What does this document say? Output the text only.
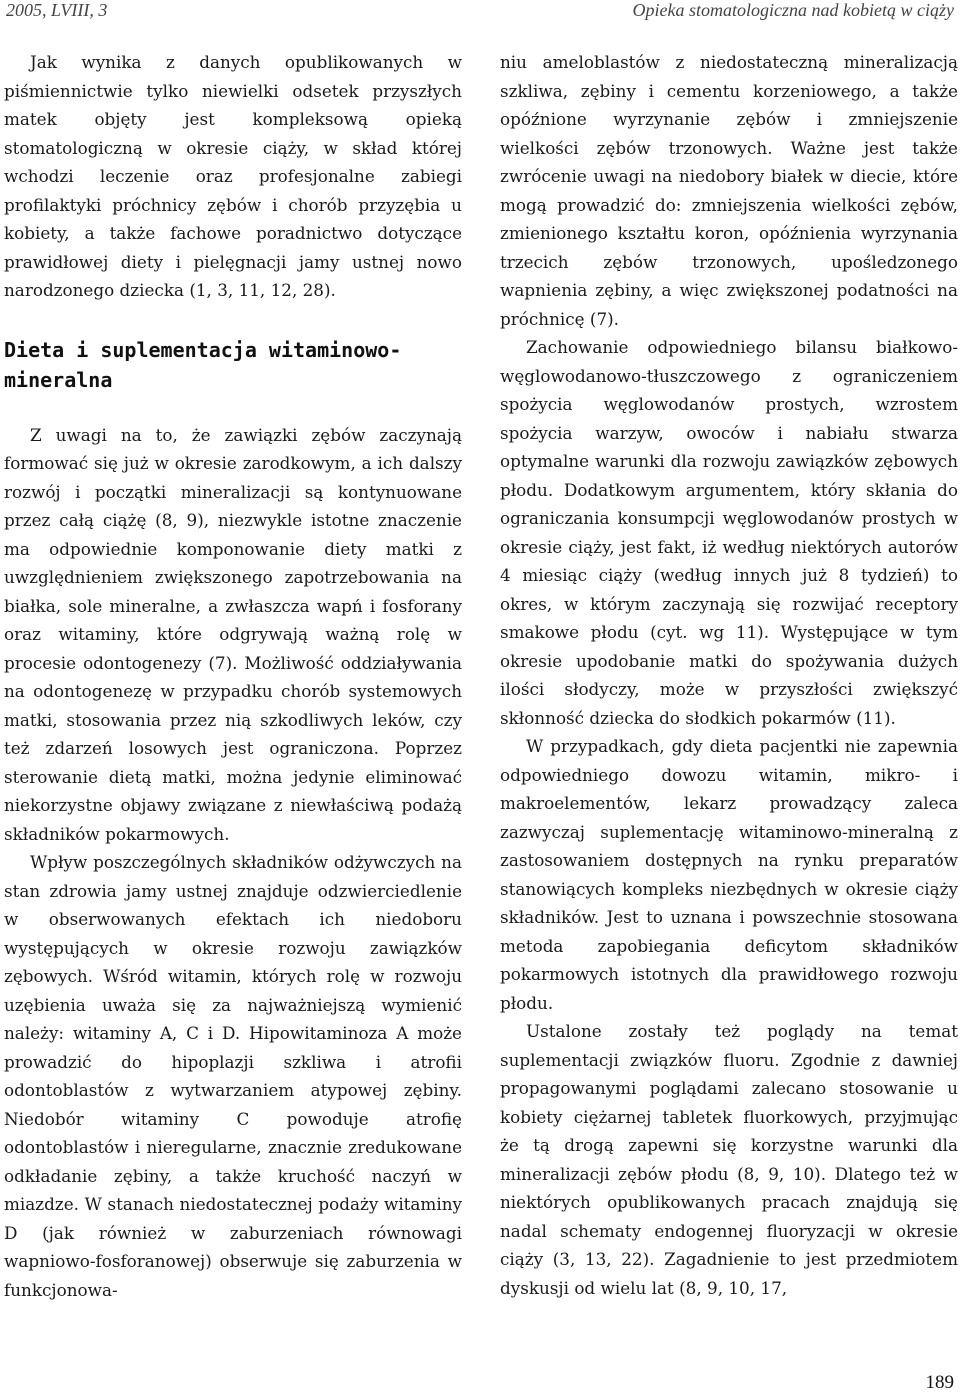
2005, LVIII, 3	Opieka stomatologiczna nad kobietą w ciąży

Jak wynika z danych opublikowanych w piśmiennictwie tylko niewielki odsetek przyszłych matek objęty jest kompleksową opieką stomatologiczną w okresie ciąży, w skład której wchodzi leczenie oraz profesjonalne zabiegi profilaktyki próchnicy zębów i chorób przyzębia u kobiety, a także fachowe poradnictwo dotyczące prawidłowej diety i pielęgnacji jamy ustnej nowo narodzonego dziecka (1, 3, 11, 12, 28).

Dieta i suplementacja witaminowo-mineralna

Z uwagi na to, że zawiązki zębów zaczynają formować się już w okresie zarodkowym, a ich dalszy rozwój i początki mineralizacji są kontynuowane przez całą ciążę (8, 9), niezwykle istotne znaczenie ma odpowiednie komponowanie diety matki z uwzględnieniem zwiększonego zapotrzebowania na białka, sole mineralne, a zwłaszcza wapń i fosforany oraz witaminy, które odgrywają ważną rolę w procesie odontogenezy (7). Możliwość oddziaływania na odontogenezę w przypadku chorób systemowych matki, stosowania przez nią szkodliwych leków, czy też zdarzeń losowych jest ograniczona. Poprzez sterowanie dietą matki, można jedynie eliminować niekorzystne objawy związane z niewłaściwą podażą składników pokarmowych.

Wpływ poszczególnych składników odżywczych na stan zdrowia jamy ustnej znajduje odzwierciedlenie w obserwowanych efektach ich niedoboru występujących w okresie rozwoju zawiązków zębowych. Wśród witamin, których rolę w rozwoju uzębienia uważa się za najważniejszą wymienić należy: witaminy A, C i D. Hipowitaminoza A może prowadzić do hipoplazji szkliwa i atrofii odontoblastów z wytwarzaniem atypowej zębiny. Niedobór witaminy C powoduje atrofię odontoblastów i nieregularne, znacznie zredukowane odkładanie zębiny, a także kruchość naczyń w miazdze. W stanach niedostatecznej podaży witaminy D (jak również w zaburzeniach równowagi wapniowo-fosforanowej) obserwuje się zaburzenia w funkcjonowa-

niu ameloblastów z niedostateczną mineralizacją szkliwa, zębiny i cementu korzeniowego, a także opóźnione wyrzynanie zębów i zmniejszenie wielkości zębów trzonowych. Ważne jest także zwrócenie uwagi na niedobory białek w diecie, które mogą prowadzić do: zmniejszenia wielkości zębów, zmienionego kształtu koron, opóźnienia wyrzynania trzecich zębów trzonowych, upośledzonego wapnienia zębiny, a więc zwiększonej podatności na próchnicę (7).

Zachowanie odpowiedniego bilansu białkowo-węglowodanowo-tłuszczowego z ograniczeniem spożycia węglowodanów prostych, wzrostem spożycia warzyw, owoców i nabiału stwarza optymalne warunki dla rozwoju zawiązków zębowych płodu. Dodatkowym argumentem, który skłania do ograniczania konsumpcji węglowodanów prostych w okresie ciąży, jest fakt, iż według niektórych autorów 4 miesiąc ciąży (według innych już 8 tydzień) to okres, w którym zaczynają się rozwijać receptory smakowe płodu (cyt. wg 11). Występujące w tym okresie upodobanie matki do spożywania dużych ilości słodyczy, może w przyszłości zwiększyć skłonność dziecka do słodkich pokarmów (11).

W przypadkach, gdy dieta pacjentki nie zapewnia odpowiedniego dowozu witamin, mikro- i makroelementów, lekarz prowadzący zaleca zazwyczaj suplementację witaminowo-mineralną z zastosowaniem dostępnych na rynku preparatów stanowiących kompleks niezbędnych w okresie ciąży składników. Jest to uznana i powszechnie stosowana metoda zapobiegania deficytom składników pokarmowych istotnych dla prawidłowego rozwoju płodu.

Ustalone zostały też poglądy na temat suplementacji związków fluoru. Zgodnie z dawniej propagowanymi poglądami zalecano stosowanie u kobiety ciężarnej tabletek fluorkowych, przyjmując że tą drogą zapewni się korzystne warunki dla mineralizacji zębów płodu (8, 9, 10). Dlatego też w niektórych opublikowanych pracach znajdują się nadal schematy endogennej fluoryzacji w okresie ciąży (3, 13, 22). Zagadnienie to jest przedmiotem dyskusji od wielu lat (8, 9, 10, 17,

189
